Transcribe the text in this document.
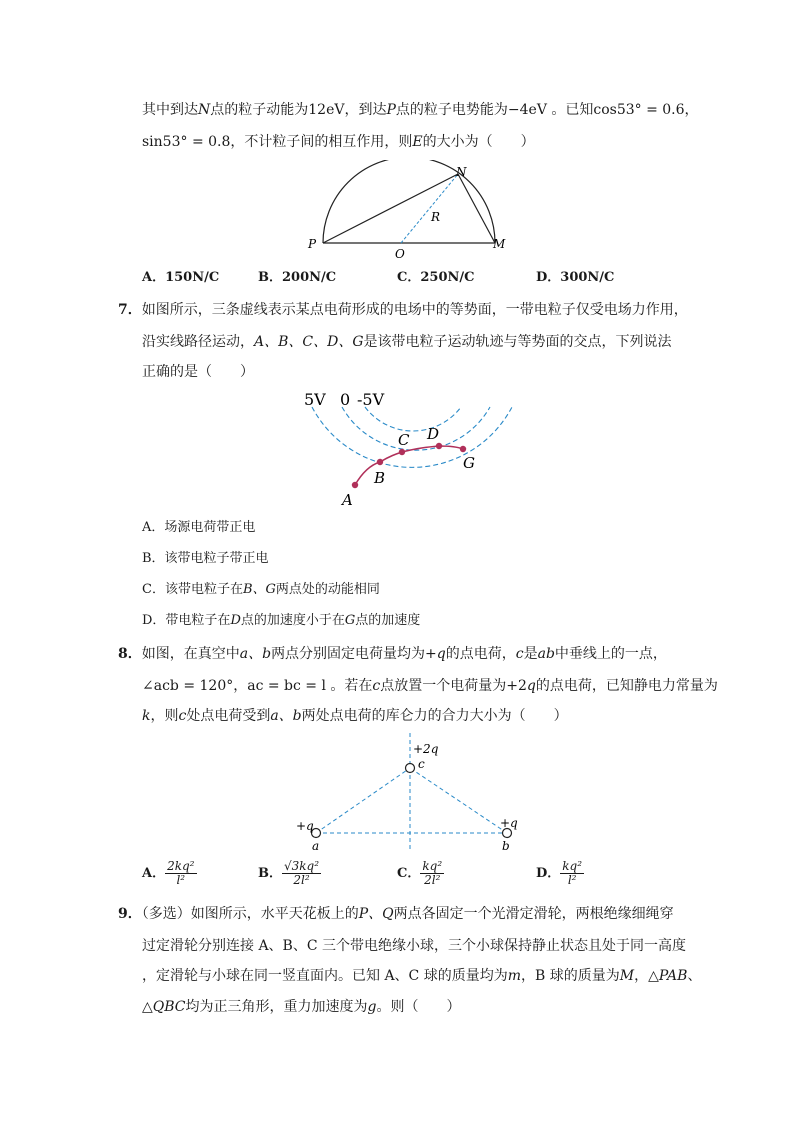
其中到达N点的粒子动能为12eV，到达P点的粒子电势能为−4eV 。已知cos53° = 0.6，
sin53° = 0.8，不计粒子间的相互作用，则E的大小为（　　）
P
O
M
N
R
A．150N/C	B．200N/C	C．250N/C	D．300N/C
7．如图所示，三条虚线表示某点电荷形成的电场中的等势面，一带电粒子仅受电场力作用，
沿实线路径运动，A、B、C、D、G是该带电粒子运动轨迹与等势面的交点，下列说法
正确的是（　　）
5V 0 -5V
A
B
C D
G
A．场源电荷带正电
B．该带电粒子带正电
C．该带电粒子在B、G两点处的动能相同
D．带电粒子在D点的加速度小于在G点的加速度
8．如图，在真空中a、b两点分别固定电荷量均为+q的点电荷，c是ab中垂线上的一点，
∠acb = 120°，ac = bc = l 。若在c点放置一个电荷量为+2q的点电荷，已知静电力常量为
k，则c处点电荷受到a、b两处点电荷的库仑力的合力大小为（　　）
+2q
c
+q
a
+q
b
A． $\frac{\text{2kq²}}{\text{l²}}$	B． $\frac{\text{√3kq²}}{\text{2l²}}$	C． $\frac{\text{kq²}}{\text{2l²}}$	D． $\frac{\text{kq²}}{\text{l²}}$
9．（多选）如图所示，水平天花板上的P、Q两点各固定一个光滑定滑轮，两根绝缘细绳穿
过定滑轮分别连接 A、B、C 三个带电绝缘小球，三个小球保持静止状态且处于同一高度
，定滑轮与小球在同一竖直面内。已知 A、C 球的质量均为m，B 球的质量为M，△PAB、
△QBC均为正三角形，重力加速度为g。则（　　）
